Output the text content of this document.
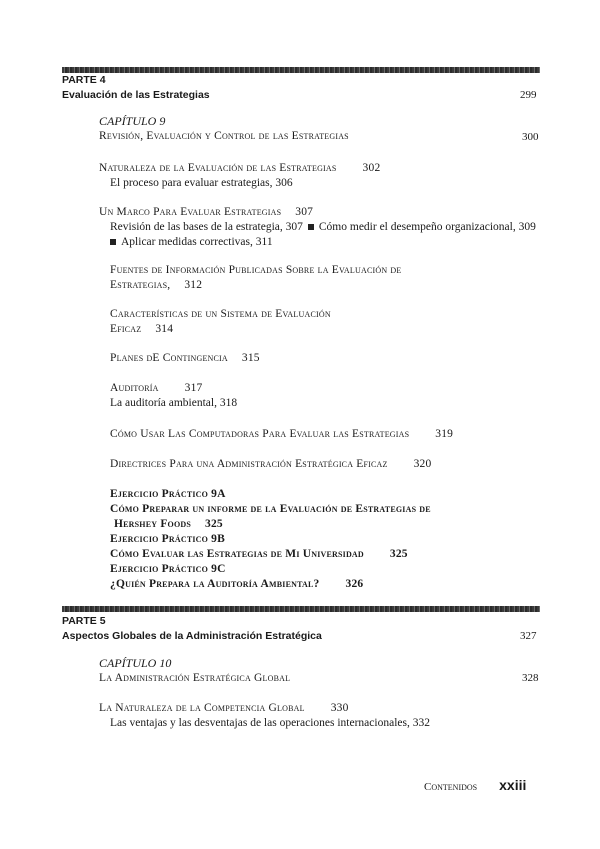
PARTE 4
Evaluación de las Estrategias	299
CAPÍTULO 9
Revisión, Evaluación y Control de las Estrategias	300
Naturaleza de la Evaluación de las Estrategias 302
El proceso para evaluar estrategias, 306
Un Marco Para Evaluar Estrategias 307
Revisión de las bases de la estrategia, 307 Cómo medir el desempeño organizacional, 309
Aplicar medidas correctivas, 311
Fuentes de Información Publicadas Sobre la Evaluación de
Estrategias, 312
Características de un Sistema de Evaluación
Eficaz 314
Planes dE Contingencia 315
Auditoría 317
La auditoría ambiental, 318
Cómo Usar Las Computadoras Para Evaluar las Estrategias 319
Directrices Para una Administración Estratégica Eficaz 320
Ejercicio Práctico 9A
Cómo Preparar un informe de la Evaluación de Estrategias de
Hershey Foods 325
Ejercicio Práctico 9B
Cómo Evaluar las Estrategias de Mi Universidad 325
Ejercicio Práctico 9C
¿Quién Prepara la Auditoría Ambiental? 326
PARTE 5
Aspectos Globales de la Administración Estratégica	327
CAPÍTULO 10
La Administración Estratégica Global	328
La Naturaleza de la Competencia Global 330
Las ventajas y las desventajas de las operaciones internacionales, 332
Contenidos xxiii
